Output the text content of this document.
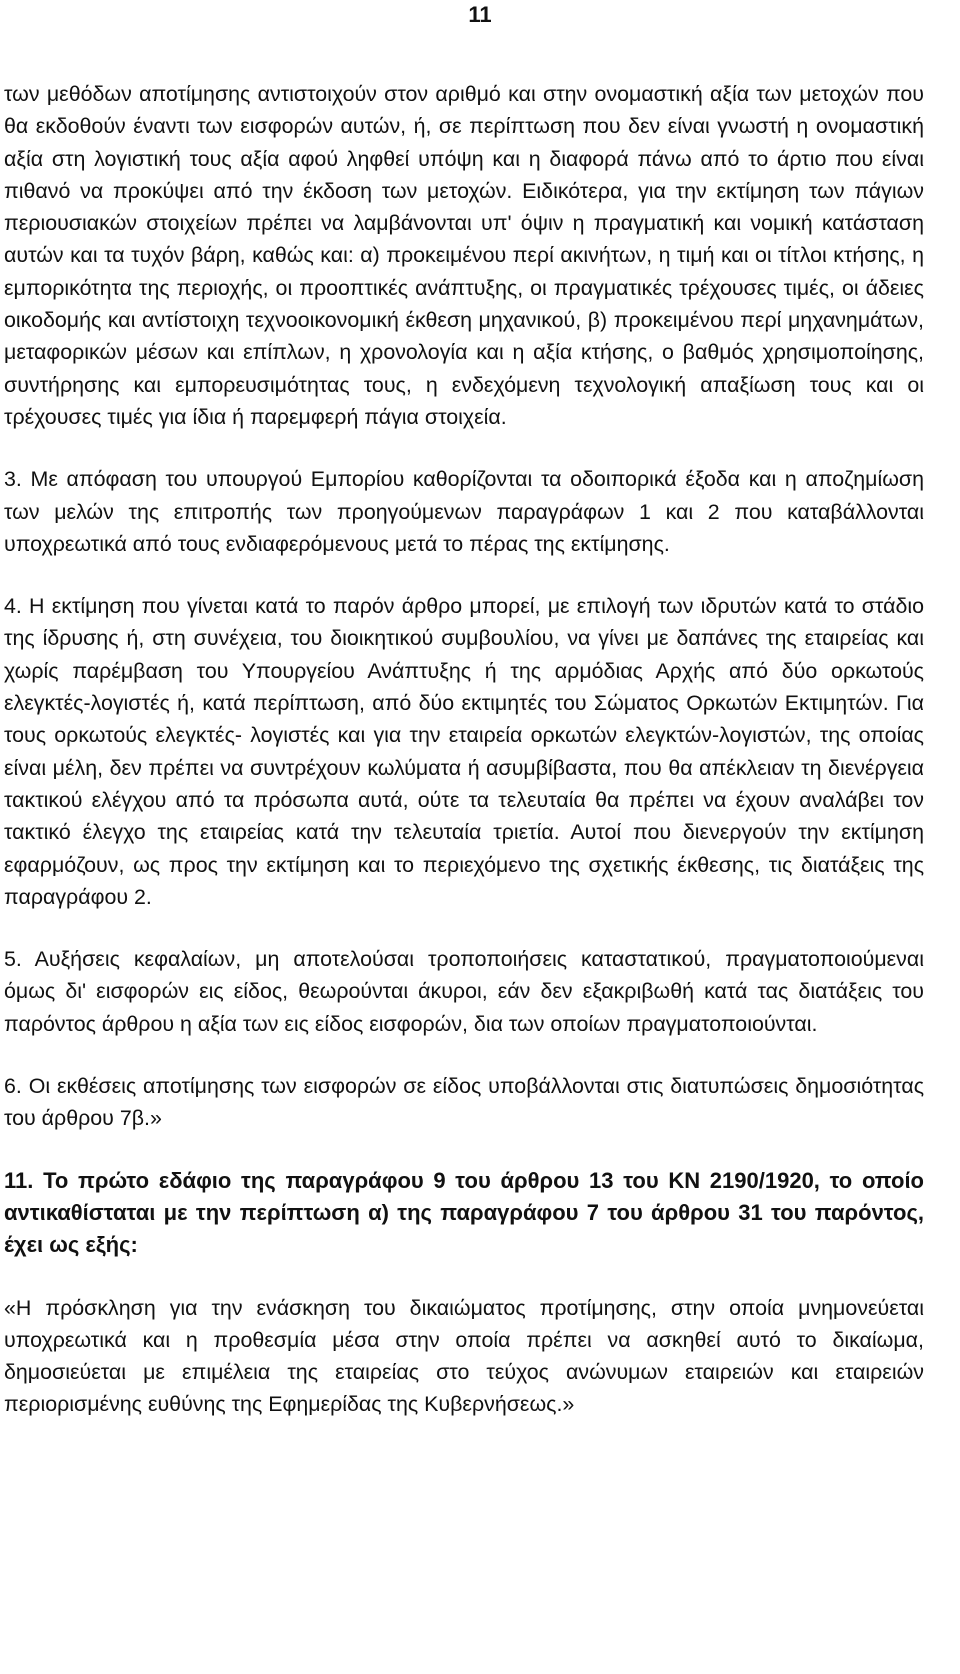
11

των μεθόδων αποτίμησης αντιστοιχούν στον αριθμό και στην ονομαστική αξία των μετοχών που θα εκδοθούν έναντι των εισφορών αυτών, ή, σε περίπτωση που δεν είναι γνωστή η ονομαστική αξία στη λογιστική τους αξία αφού ληφθεί υπόψη και η διαφορά πάνω από το άρτιο που είναι πιθανό να προκύψει από την έκδοση των μετοχών. Ειδικότερα, για την εκτίμηση των πάγιων περιουσιακών στοιχείων πρέπει να λαμβάνονται υπ' όψιν η πραγματική και νομική κατάσταση αυτών και τα τυχόν βάρη, καθώς και: α) προκειμένου περί ακινήτων, η τιμή και οι τίτλοι κτήσης, η εμπορικότητα της περιοχής, οι προοπτικές ανάπτυξης, οι πραγματικές τρέχουσες τιμές, οι άδειες οικοδομής και αντίστοιχη τεχνοοικονομική έκθεση μηχανικού, β) προκειμένου περί μηχανημάτων, μεταφορικών μέσων και επίπλων, η χρονολογία και η αξία κτήσης, ο βαθμός χρησιμοποίησης, συντήρησης και εμπορευσιμότητας τους, η ενδεχόμενη τεχνολογική απαξίωση τους και οι τρέχουσες τιμές για ίδια ή παρεμφερή πάγια στοιχεία.

3. Με απόφαση του υπουργού Εμπορίου καθορίζονται τα οδοιπορικά έξοδα και η αποζημίωση των μελών της επιτροπής των προηγούμενων παραγράφων 1 και 2 που καταβάλλονται υποχρεωτικά από τους ενδιαφερόμενους μετά το πέρας της εκτίμησης.

4. Η εκτίμηση που γίνεται κατά το παρόν άρθρο μπορεί, με επιλογή των ιδρυτών κατά το στάδιο της ίδρυσης ή, στη συνέχεια, του διοικητικού συμβουλίου, να γίνει με δαπάνες της εταιρείας και χωρίς παρέμβαση του Υπουργείου Ανάπτυξης ή της αρμόδιας Αρχής από δύο ορκωτούς ελεγκτές-λογιστές ή, κατά περίπτωση, από δύο εκτιμητές του Σώματος Ορκωτών Εκτιμητών. Για τους ορκωτούς ελεγκτές- λογιστές και για την εταιρεία ορκωτών ελεγκτών-λογιστών, της οποίας είναι μέλη, δεν πρέπει να συντρέχουν κωλύματα ή ασυμβίβαστα, που θα απέκλειαν τη διενέργεια τακτικού ελέγχου από τα πρόσωπα αυτά, ούτε τα τελευταία θα πρέπει να έχουν αναλάβει τον τακτικό έλεγχο της εταιρείας κατά την τελευταία τριετία. Αυτοί που διενεργούν την εκτίμηση εφαρμόζουν, ως προς την εκτίμηση και το περιεχόμενο της σχετικής έκθεσης, τις διατάξεις της παραγράφου 2.

5. Αυξήσεις κεφαλαίων, μη αποτελούσαι τροποποιήσεις καταστατικού, πραγματοποιούμεναι όμως δι' εισφορών εις είδος, θεωρούνται άκυροι, εάν δεν εξακριβωθή κατά τας διατάξεις του παρόντος άρθρου η αξία των εις είδος εισφορών, δια των οποίων πραγματοποιούνται.

6. Οι εκθέσεις αποτίμησης των εισφορών σε είδος υποβάλλονται στις διατυπώσεις δημοσιότητας του άρθρου 7β.»

11. Το πρώτο εδάφιο της παραγράφου 9 του άρθρου 13 του ΚΝ 2190/1920, το οποίο αντικαθίσταται με την περίπτωση α) της παραγράφου 7 του άρθρου 31 του παρόντος, έχει ως εξής:

«Η πρόσκληση για την ενάσκηση του δικαιώματος προτίμησης, στην οποία μνημονεύεται υποχρεωτικά και η προθεσμία μέσα στην οποία πρέπει να ασκηθεί αυτό το δικαίωμα, δημοσιεύεται με επιμέλεια της εταιρείας στο τεύχος ανώνυμων εταιρειών και εταιρειών περιορισμένης ευθύνης της Εφημερίδας της Κυβερνήσεως.»
